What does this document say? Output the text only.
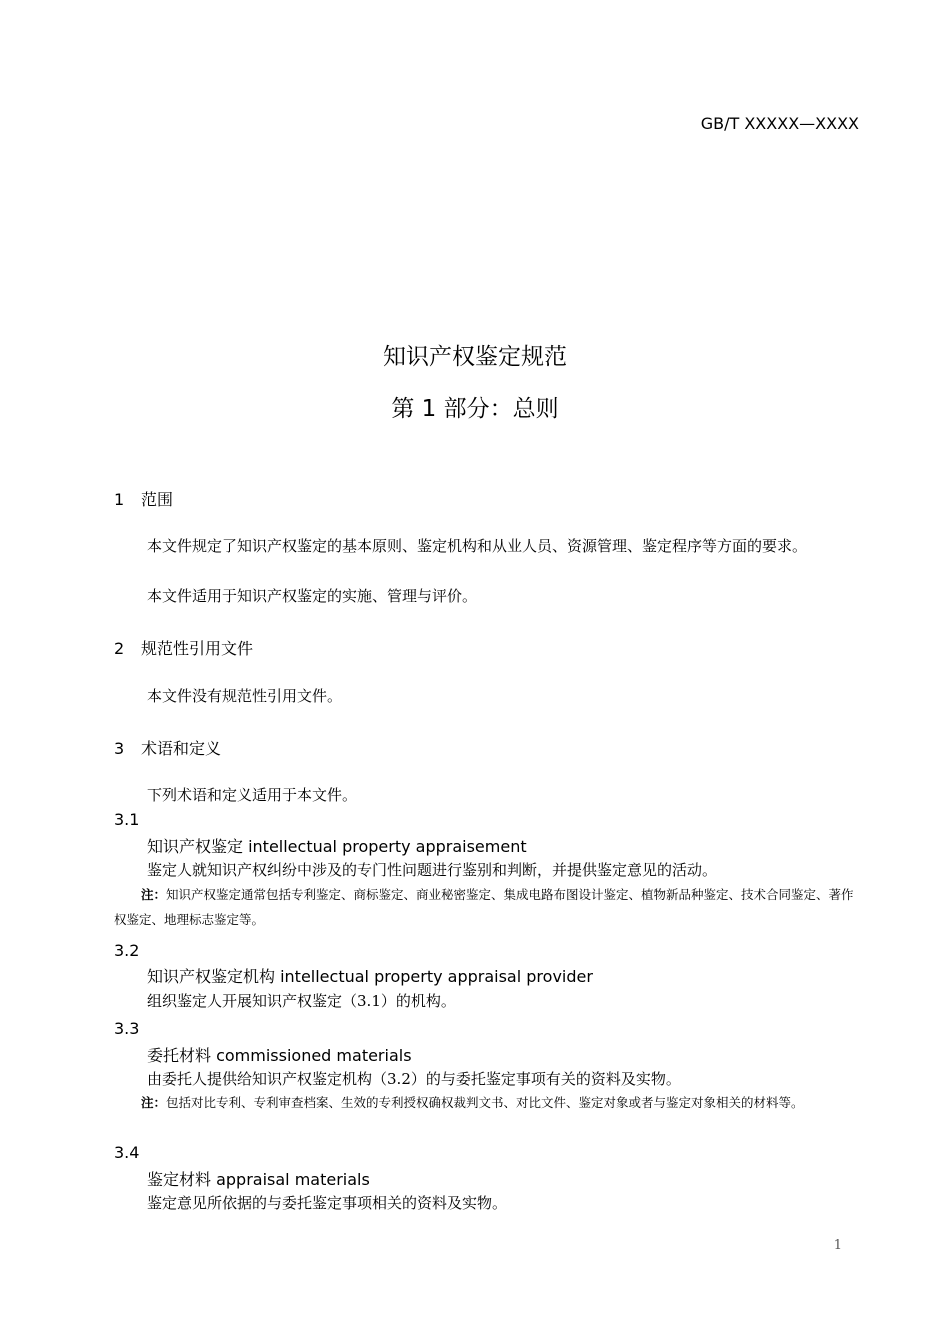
GB/T XXXXX—XXXX
知识产权鉴定规范
第 1 部分：总则
1 范围
本文件规定了知识产权鉴定的基本原则、鉴定机构和从业人员、资源管理、鉴定程序等方面的要求。
本文件适用于知识产权鉴定的实施、管理与评价。
2 规范性引用文件
本文件没有规范性引用文件。
3 术语和定义
下列术语和定义适用于本文件。
3.1
知识产权鉴定 intellectual property appraisement
鉴定人就知识产权纠纷中涉及的专门性问题进行鉴别和判断，并提供鉴定意见的活动。
注：知识产权鉴定通常包括专利鉴定、商标鉴定、商业秘密鉴定、集成电路布图设计鉴定、植物新品种鉴定、技术合同鉴定、著作权鉴定、地理标志鉴定等。
3.2
知识产权鉴定机构 intellectual property appraisal provider
组织鉴定人开展知识产权鉴定（3.1）的机构。
3.3
委托材料 commissioned materials
由委托人提供给知识产权鉴定机构（3.2）的与委托鉴定事项有关的资料及实物。
注：包括对比专利、专利审查档案、生效的专利授权确权裁判文书、对比文件、鉴定对象或者与鉴定对象相关的材料等。
3.4
鉴定材料 appraisal materials
鉴定意见所依据的与委托鉴定事项相关的资料及实物。
1
